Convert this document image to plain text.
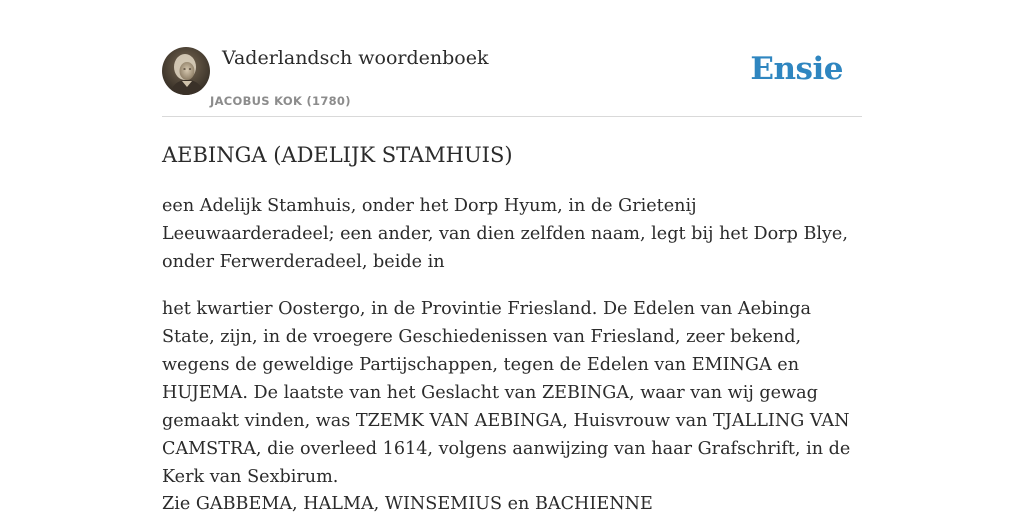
Vaderlandsch woordenboek
JACOBUS KOK (1780)
Ensie
AEBINGA (ADELIJK STAMHUIS)

een Adelijk Stamhuis, onder het Dorp Hyum, in de Grietenij Leeuwaarderadeel; een ander, van dien zelfden naam, legt bij het Dorp Blye, onder Ferwerderadeel, beide in

het kwartier Oostergo, in de Provintie Friesland. De Edelen van Aebinga State, zijn, in de vroegere Geschiedenissen van Friesland, zeer bekend, wegens de geweldige Partijschappen, tegen de Edelen van EMINGA en HUJEMA. De laatste van het Geslacht van ZEBINGA, waar van wij gewag gemaakt vinden, was TZEMK VAN AEBINGA, Huisvrouw van TJALLING VAN CAMSTRA, die overleed 1614, volgens aanwijzing van haar Grafschrift, in de Kerk van Sexbirum.

Zie GABBEMA, HALMA, WINSEMIUS en BACHIENNE
